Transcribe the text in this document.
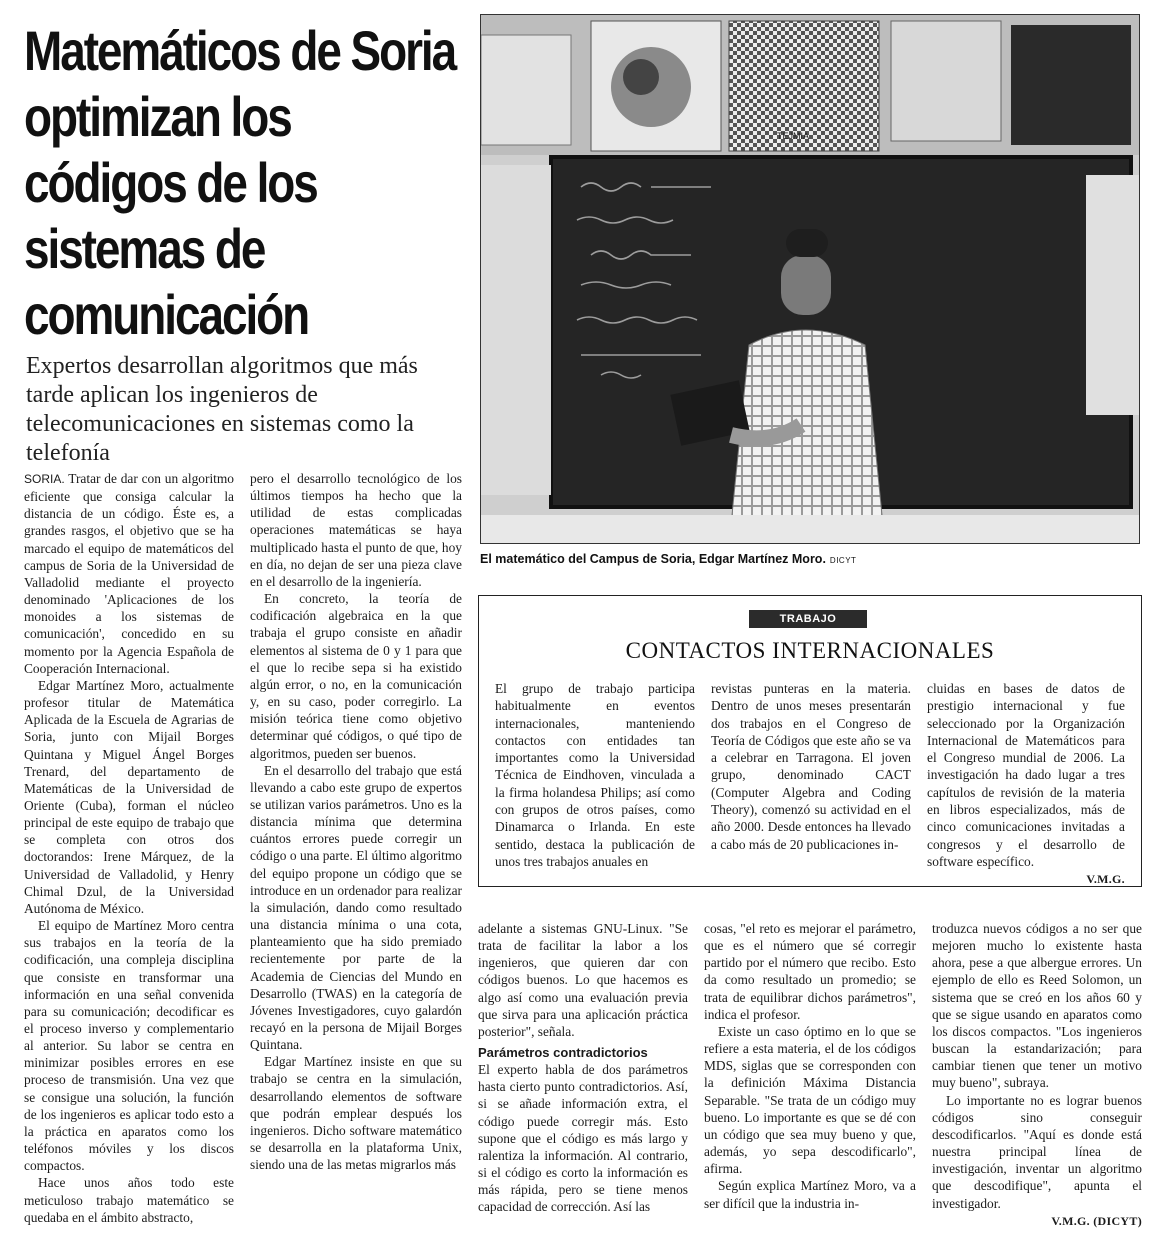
Matemáticos de Soria optimizan los códigos de los sistemas de comunicación
Expertos desarrollan algoritmos que más tarde aplican los ingenieros de telecomunicaciones en sistemas como la telefonía
TEJMIA
El matemático del Campus de Soria, Edgar Martínez Moro. DICYT

SORIA. Tratar de dar con un algoritmo eficiente que consiga calcular la distancia de un código. Éste es, a grandes rasgos, el objetivo que se ha marcado el equipo de matemáticos del campus de Soria de la Universidad de Valladolid mediante el proyecto denominado 'Aplicaciones de los monoides a los sistemas de comunicación', concedido en su momento por la Agencia Española de Cooperación Internacional.

Edgar Martínez Moro, actualmente profesor titular de Matemática Aplicada de la Escuela de Agrarias de Soria, junto con Mijail Borges Quintana y Miguel Ángel Borges Trenard, del departamento de Matemáticas de la Universidad de Oriente (Cuba), forman el núcleo principal de este equipo de trabajo que se completa con otros dos doctorandos: Irene Márquez, de la Universidad de Valladolid, y Henry Chimal Dzul, de la Universidad Autónoma de México.

El equipo de Martínez Moro centra sus trabajos en la teoría de la codificación, una compleja disciplina que consiste en transformar una información en una señal convenida para su comunicación; decodificar es el proceso inverso y complementario al anterior. Su labor se centra en minimizar posibles errores en ese proceso de transmisión. Una vez que se consigue una solución, la función de los ingenieros es aplicar todo esto a la práctica en aparatos como los teléfonos móviles y los discos compactos.

Hace unos años todo este meticuloso trabajo matemático se quedaba en el ámbito abstracto,

pero el desarrollo tecnológico de los últimos tiempos ha hecho que la utilidad de estas complicadas operaciones matemáticas se haya multiplicado hasta el punto de que, hoy en día, no dejan de ser una pieza clave en el desarrollo de la ingeniería.

En concreto, la teoría de codificación algebraica en la que trabaja el grupo consiste en añadir elementos al sistema de 0 y 1 para que el que lo recibe sepa si ha existido algún error, o no, en la comunicación y, en su caso, poder corregirlo. La misión teórica tiene como objetivo determinar qué códigos, o qué tipo de algoritmos, pueden ser buenos.

En el desarrollo del trabajo que está llevando a cabo este grupo de expertos se utilizan varios parámetros. Uno es la distancia mínima que determina cuántos errores puede corregir un código o una parte. El último algoritmo del equipo propone un código que se introduce en un ordenador para realizar la simulación, dando como resultado una distancia mínima o una cota, planteamiento que ha sido premiado recientemente por parte de la Academia de Ciencias del Mundo en Desarrollo (TWAS) en la categoría de Jóvenes Investigadores, cuyo galardón recayó en la persona de Mijail Borges Quintana.

Edgar Martínez insiste en que su trabajo se centra en la simulación, desarrollando elementos de software que podrán emplear después los ingenieros. Dicho software matemático se desarrolla en la plataforma Unix, siendo una de las metas migrarlos más

TRABAJO
CONTACTOS INTERNACIONALES

El grupo de trabajo participa habitualmente en eventos internacionales, manteniendo contactos con entidades tan importantes como la Universidad Técnica de Eindhoven, vinculada a la firma holandesa Philips; así como con grupos de otros países, como Dinamarca o Irlanda. En este sentido, destaca la publicación de unos tres trabajos anuales en

revistas punteras en la materia. Dentro de unos meses presentarán dos trabajos en el Congreso de Teoría de Códigos que este año se va a celebrar en Tarragona. El joven grupo, denominado CACT (Computer Algebra and Coding Theory), comenzó su actividad en el año 2000. Desde entonces ha llevado a cabo más de 20 publicaciones in-

cluidas en bases de datos de prestigio internacional y fue seleccionado por la Organización Internacional de Matemáticos para el Congreso mundial de 2006. La investigación ha dado lugar a tres capítulos de revisión de la materia en libros especializados, más de cinco comunicaciones invitadas a congresos y el desarrollo de software específico.

V.M.G.

adelante a sistemas GNU-Linux. "Se trata de facilitar la labor a los ingenieros, que quieren dar con códigos buenos. Lo que hacemos es algo así como una evaluación previa que sirva para una aplicación práctica posterior", señala.

Parámetros contradictorios

El experto habla de dos parámetros hasta cierto punto contradictorios. Así, si se añade información extra, el código puede corregir más. Esto supone que el código es más largo y ralentiza la información. Al contrario, si el código es corto la información es más rápida, pero se tiene menos capacidad de corrección. Así las

cosas, "el reto es mejorar el parámetro, que es el número que sé corregir partido por el número que recibo. Esto da como resultado un promedio; se trata de equilibrar dichos parámetros", indica el profesor.

Existe un caso óptimo en lo que se refiere a esta materia, el de los códigos MDS, siglas que se corresponden con la definición Máxima Distancia Separable. "Se trata de un código muy bueno. Lo importante es que se dé con un código que sea muy bueno y que, además, yo sepa descodificarlo", afirma.

Según explica Martínez Moro, va a ser difícil que la industria in-

troduzca nuevos códigos a no ser que mejoren mucho lo existente hasta ahora, pese a que albergue errores. Un ejemplo de ello es Reed Solomon, un sistema que se creó en los años 60 y que se sigue usando en aparatos como los discos compactos. "Los ingenieros buscan la estandarización; para cambiar tienen que tener un motivo muy bueno", subraya.

Lo importante no es lograr buenos códigos sino conseguir descodificarlos. "Aquí es donde está nuestra principal línea de investigación, inventar un algoritmo que descodifique", apunta el investigador.

V.M.G. (DICYT)
